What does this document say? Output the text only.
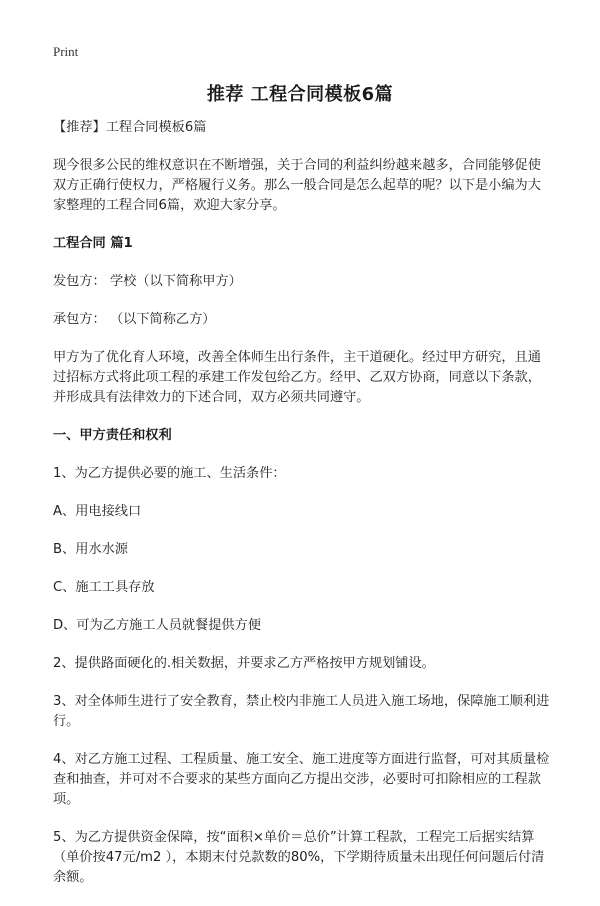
Print
推荐 工程合同模板6篇

【推荐】工程合同模板6篇

现今很多公民的维权意识在不断增强，关于合同的利益纠纷越来越多，合同能够促使双方正确行使权力，严格履行义务。那么一般合同是怎么起草的呢？以下是小编为大家整理的工程合同6篇，欢迎大家分享。

工程合同 篇1

发包方： 学校（以下简称甲方）

承包方： （以下简称乙方）

甲方为了优化育人环境，改善全体师生出行条件，主干道硬化。经过甲方研究，且通过招标方式将此项工程的承建工作发包给乙方。经甲、乙双方协商，同意以下条款，并形成具有法律效力的下述合同，双方必须共同遵守。

一、甲方责任和权利

1、为乙方提供必要的施工、生活条件：

A、用电接线口

B、用水水源

C、施工工具存放

D、可为乙方施工人员就餐提供方便

2、提供路面硬化的.相关数据，并要求乙方严格按甲方规划铺设。

3、对全体师生进行了安全教育，禁止校内非施工人员进入施工场地，保障施工顺利进行。

4、对乙方施工过程、工程质量、施工安全、施工进度等方面进行监督，可对其质量检查和抽查，并可对不合要求的某些方面向乙方提出交涉，必要时可扣除相应的工程款项。

5、为乙方提供资金保障，按“面积×单价＝总价”计算工程款，工程完工后据实结算（单价按47元/m2 ），本期末付兑款数的80%，下学期待质量未出现任何问题后付清余额。
